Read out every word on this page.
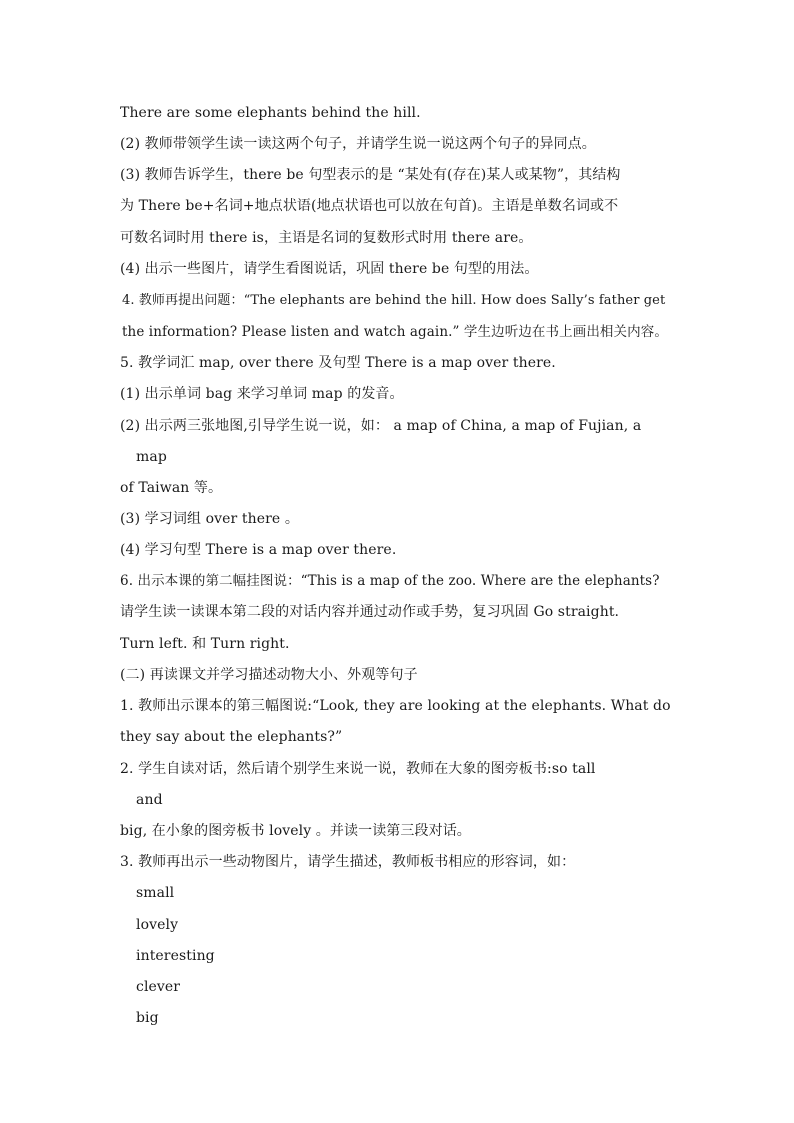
There are some elephants behind the hill.
(2) 教师带领学生读一读这两个句子，并请学生说一说这两个句子的异同点。
(3) 教师告诉学生，there be 句型表示的是 “某处有(存在)某人或某物”，其结构
为 There be+名词+地点状语(地点状语也可以放在句首)。主语是单数名词或不
可数名词时用 there is，主语是名词的复数形式时用 there are。
(4) 出示一些图片，请学生看图说话，巩固 there be 句型的用法。
4. 教师再提出问题：“The elephants are behind the hill. How does Sally’s father get
the information? Please listen and watch again.” 学生边听边在书上画出相关内容。
5. 教学词汇 map, over there 及句型 There is a map over there.
(1) 出示单词 bag 来学习单词 map 的发音。
(2) 出示两三张地图,引导学生说一说，如： a map of China, a map of Fujian, a
map
of Taiwan 等。
(3) 学习词组 over there 。
(4) 学习句型 There is a map over there.
6. 出示本课的第二幅挂图说：“This is a map of the zoo. Where are the elephants?
请学生读一读课本第二段的对话内容并通过动作或手势，复习巩固 Go straight.
Turn left. 和 Turn right.
(二) 再读课文并学习描述动物大小、外观等句子
1. 教师出示课本的第三幅图说:“Look, they are looking at the elephants. What do
they say about the elephants?”
2. 学生自读对话，然后请个别学生来说一说，教师在大象的图旁板书:so tall
and
big, 在小象的图旁板书 lovely 。并读一读第三段对话。
3. 教师再出示一些动物图片，请学生描述，教师板书相应的形容词，如：
small
lovely
interesting
clever
big
